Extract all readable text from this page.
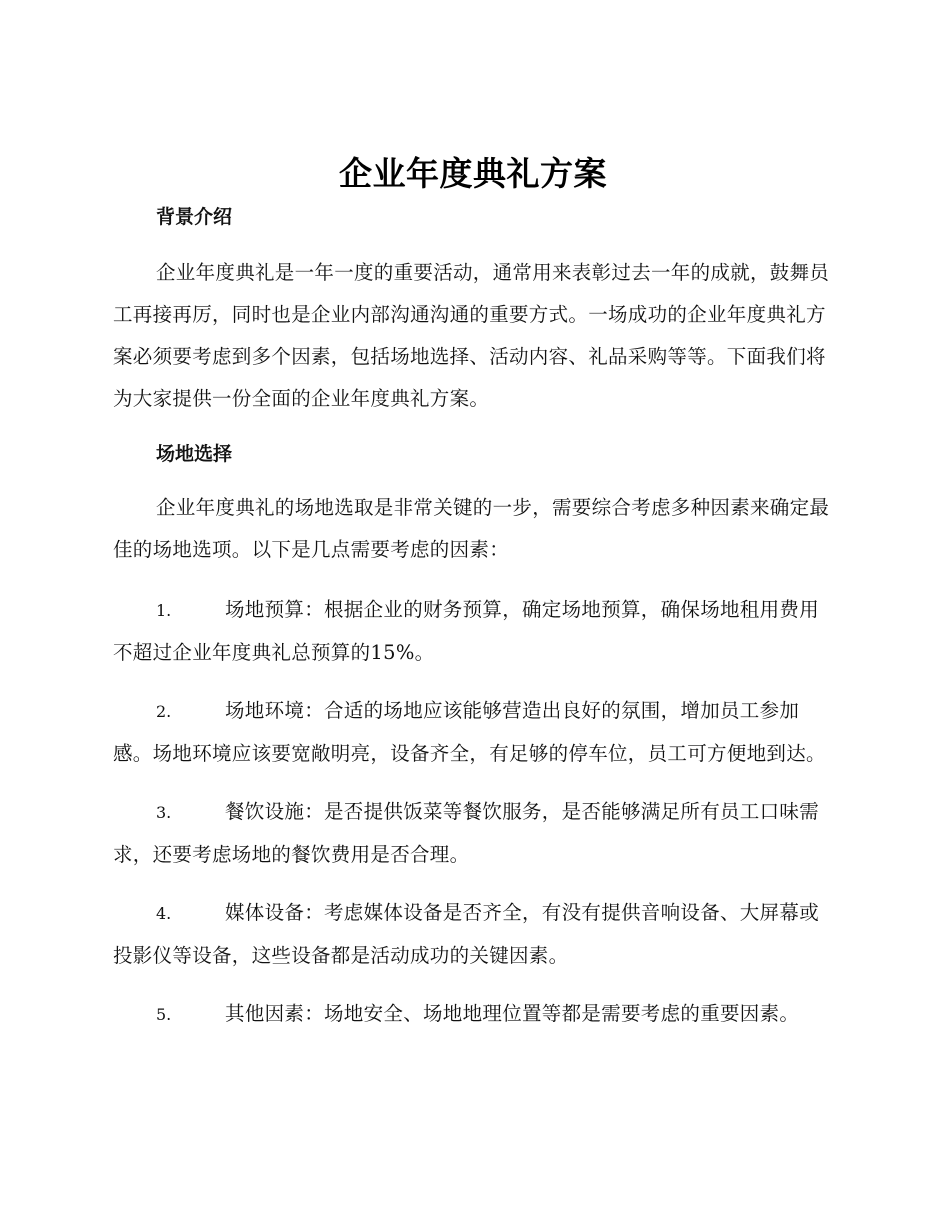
企业年度典礼方案
背景介绍

企业年度典礼是一年一度的重要活动，通常用来表彰过去一年的成就，鼓舞员工再接再厉，同时也是企业内部沟通沟通的重要方式。一场成功的企业年度典礼方案必须要考虑到多个因素，包括场地选择、活动内容、礼品采购等等。下面我们将为大家提供一份全面的企业年度典礼方案。

场地选择

企业年度典礼的场地选取是非常关键的一步，需要综合考虑多种因素来确定最佳的场地选项。以下是几点需要考虑的因素：

1.	场地预算：根据企业的财务预算，确定场地预算，确保场地租用费用不超过企业年度典礼总预算的15%。
2.	场地环境：合适的场地应该能够营造出良好的氛围，增加员工参加感。场地环境应该要宽敞明亮，设备齐全，有足够的停车位，员工可方便地到达。
3.	餐饮设施：是否提供饭菜等餐饮服务，是否能够满足所有员工口味需求，还要考虑场地的餐饮费用是否合理。
4.	媒体设备：考虑媒体设备是否齐全，有没有提供音响设备、大屏幕或投影仪等设备，这些设备都是活动成功的关键因素。
5.	其他因素：场地安全、场地地理位置等都是需要考虑的重要因素。
